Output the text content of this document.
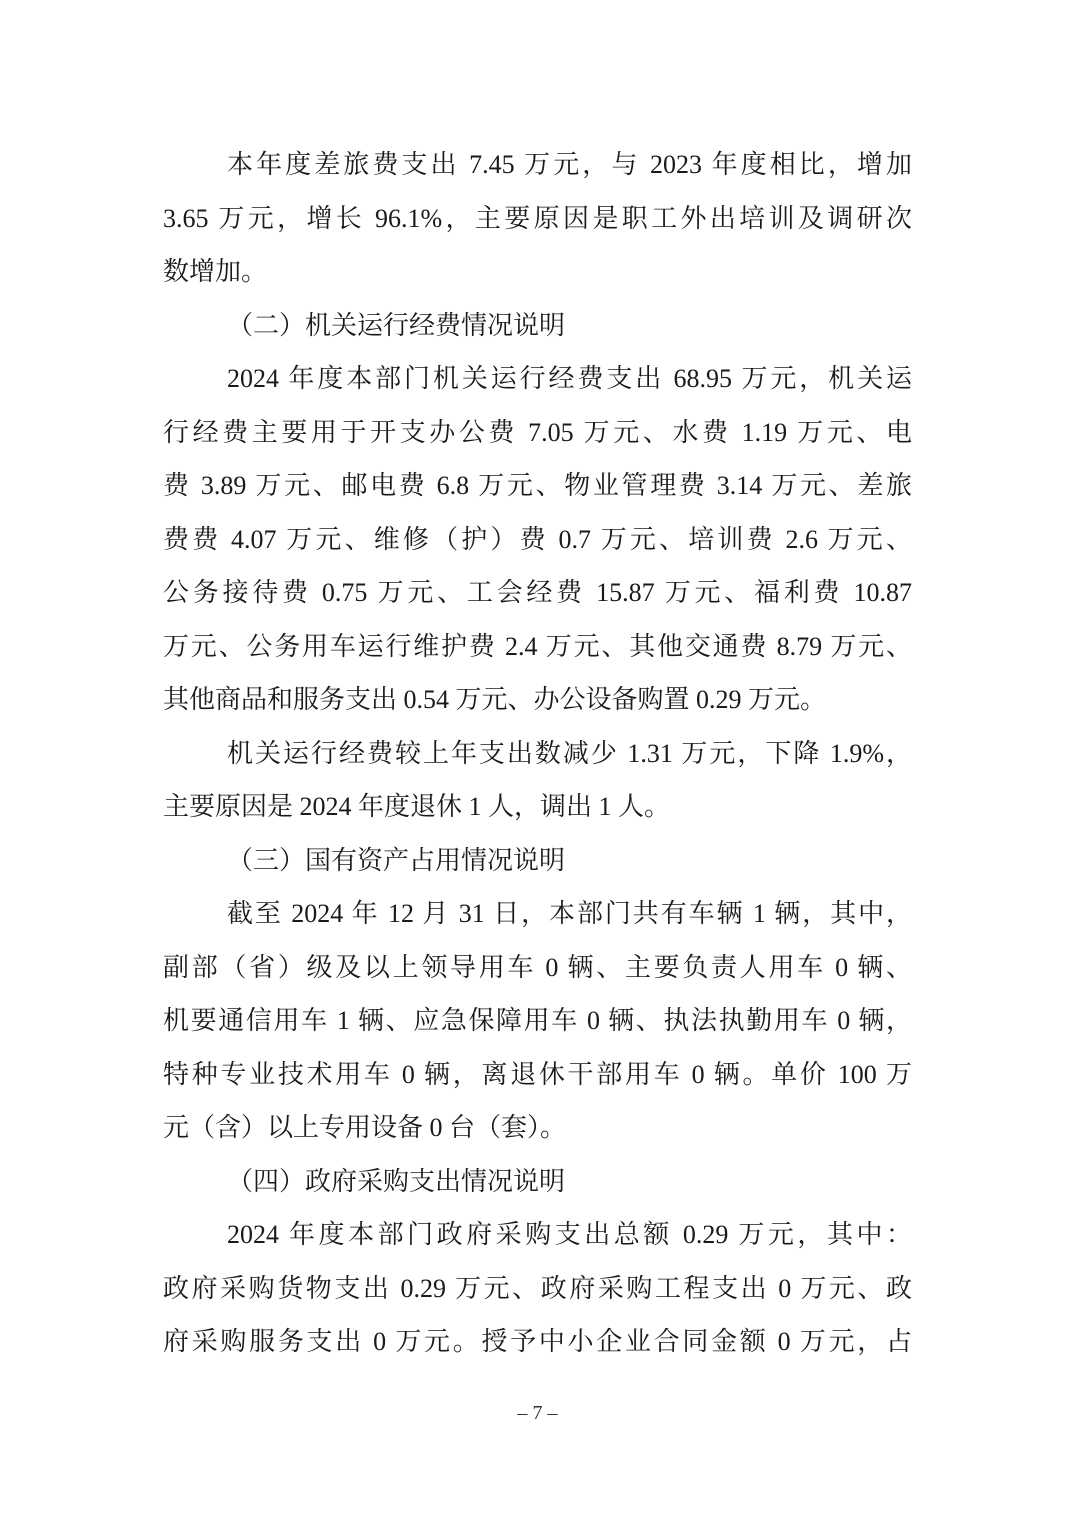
本年度差旅费支出 7.45 万元，与 2023 年度相比，增加
3.65 万元，增长 96.1%，主要原因是职工外出培训及调研次
数增加。
（二）机关运行经费情况说明
2024 年度本部门机关运行经费支出 68.95 万元，机关运
行经费主要用于开支办公费 7.05 万元、水费 1.19 万元、电
费 3.89 万元、邮电费 6.8 万元、物业管理费 3.14 万元、差旅
费费 4.07 万元、维修（护）费 0.7 万元、培训费 2.6 万元、
公务接待费 0.75 万元、工会经费 15.87 万元、福利费 10.87
万元、公务用车运行维护费 2.4 万元、其他交通费 8.79 万元、
其他商品和服务支出 0.54 万元、办公设备购置 0.29 万元。
机关运行经费较上年支出数减少 1.31 万元，下降 1.9%，
主要原因是 2024 年度退休 1 人，调出 1 人。
（三）国有资产占用情况说明
截至 2024 年 12 月 31 日，本部门共有车辆 1 辆，其中，
副部（省）级及以上领导用车 0 辆、主要负责人用车 0 辆、
机要通信用车 1 辆、应急保障用车 0 辆、执法执勤用车 0 辆，
特种专业技术用车 0 辆，离退休干部用车 0 辆。单价 100 万
元（含）以上专用设备 0 台（套）。
（四）政府采购支出情况说明
2024 年度本部门政府采购支出总额 0.29 万元，其中：
政府采购货物支出 0.29 万元、政府采购工程支出 0 万元、政
府采购服务支出 0 万元。授予中小企业合同金额 0 万元，占
– 7 –
